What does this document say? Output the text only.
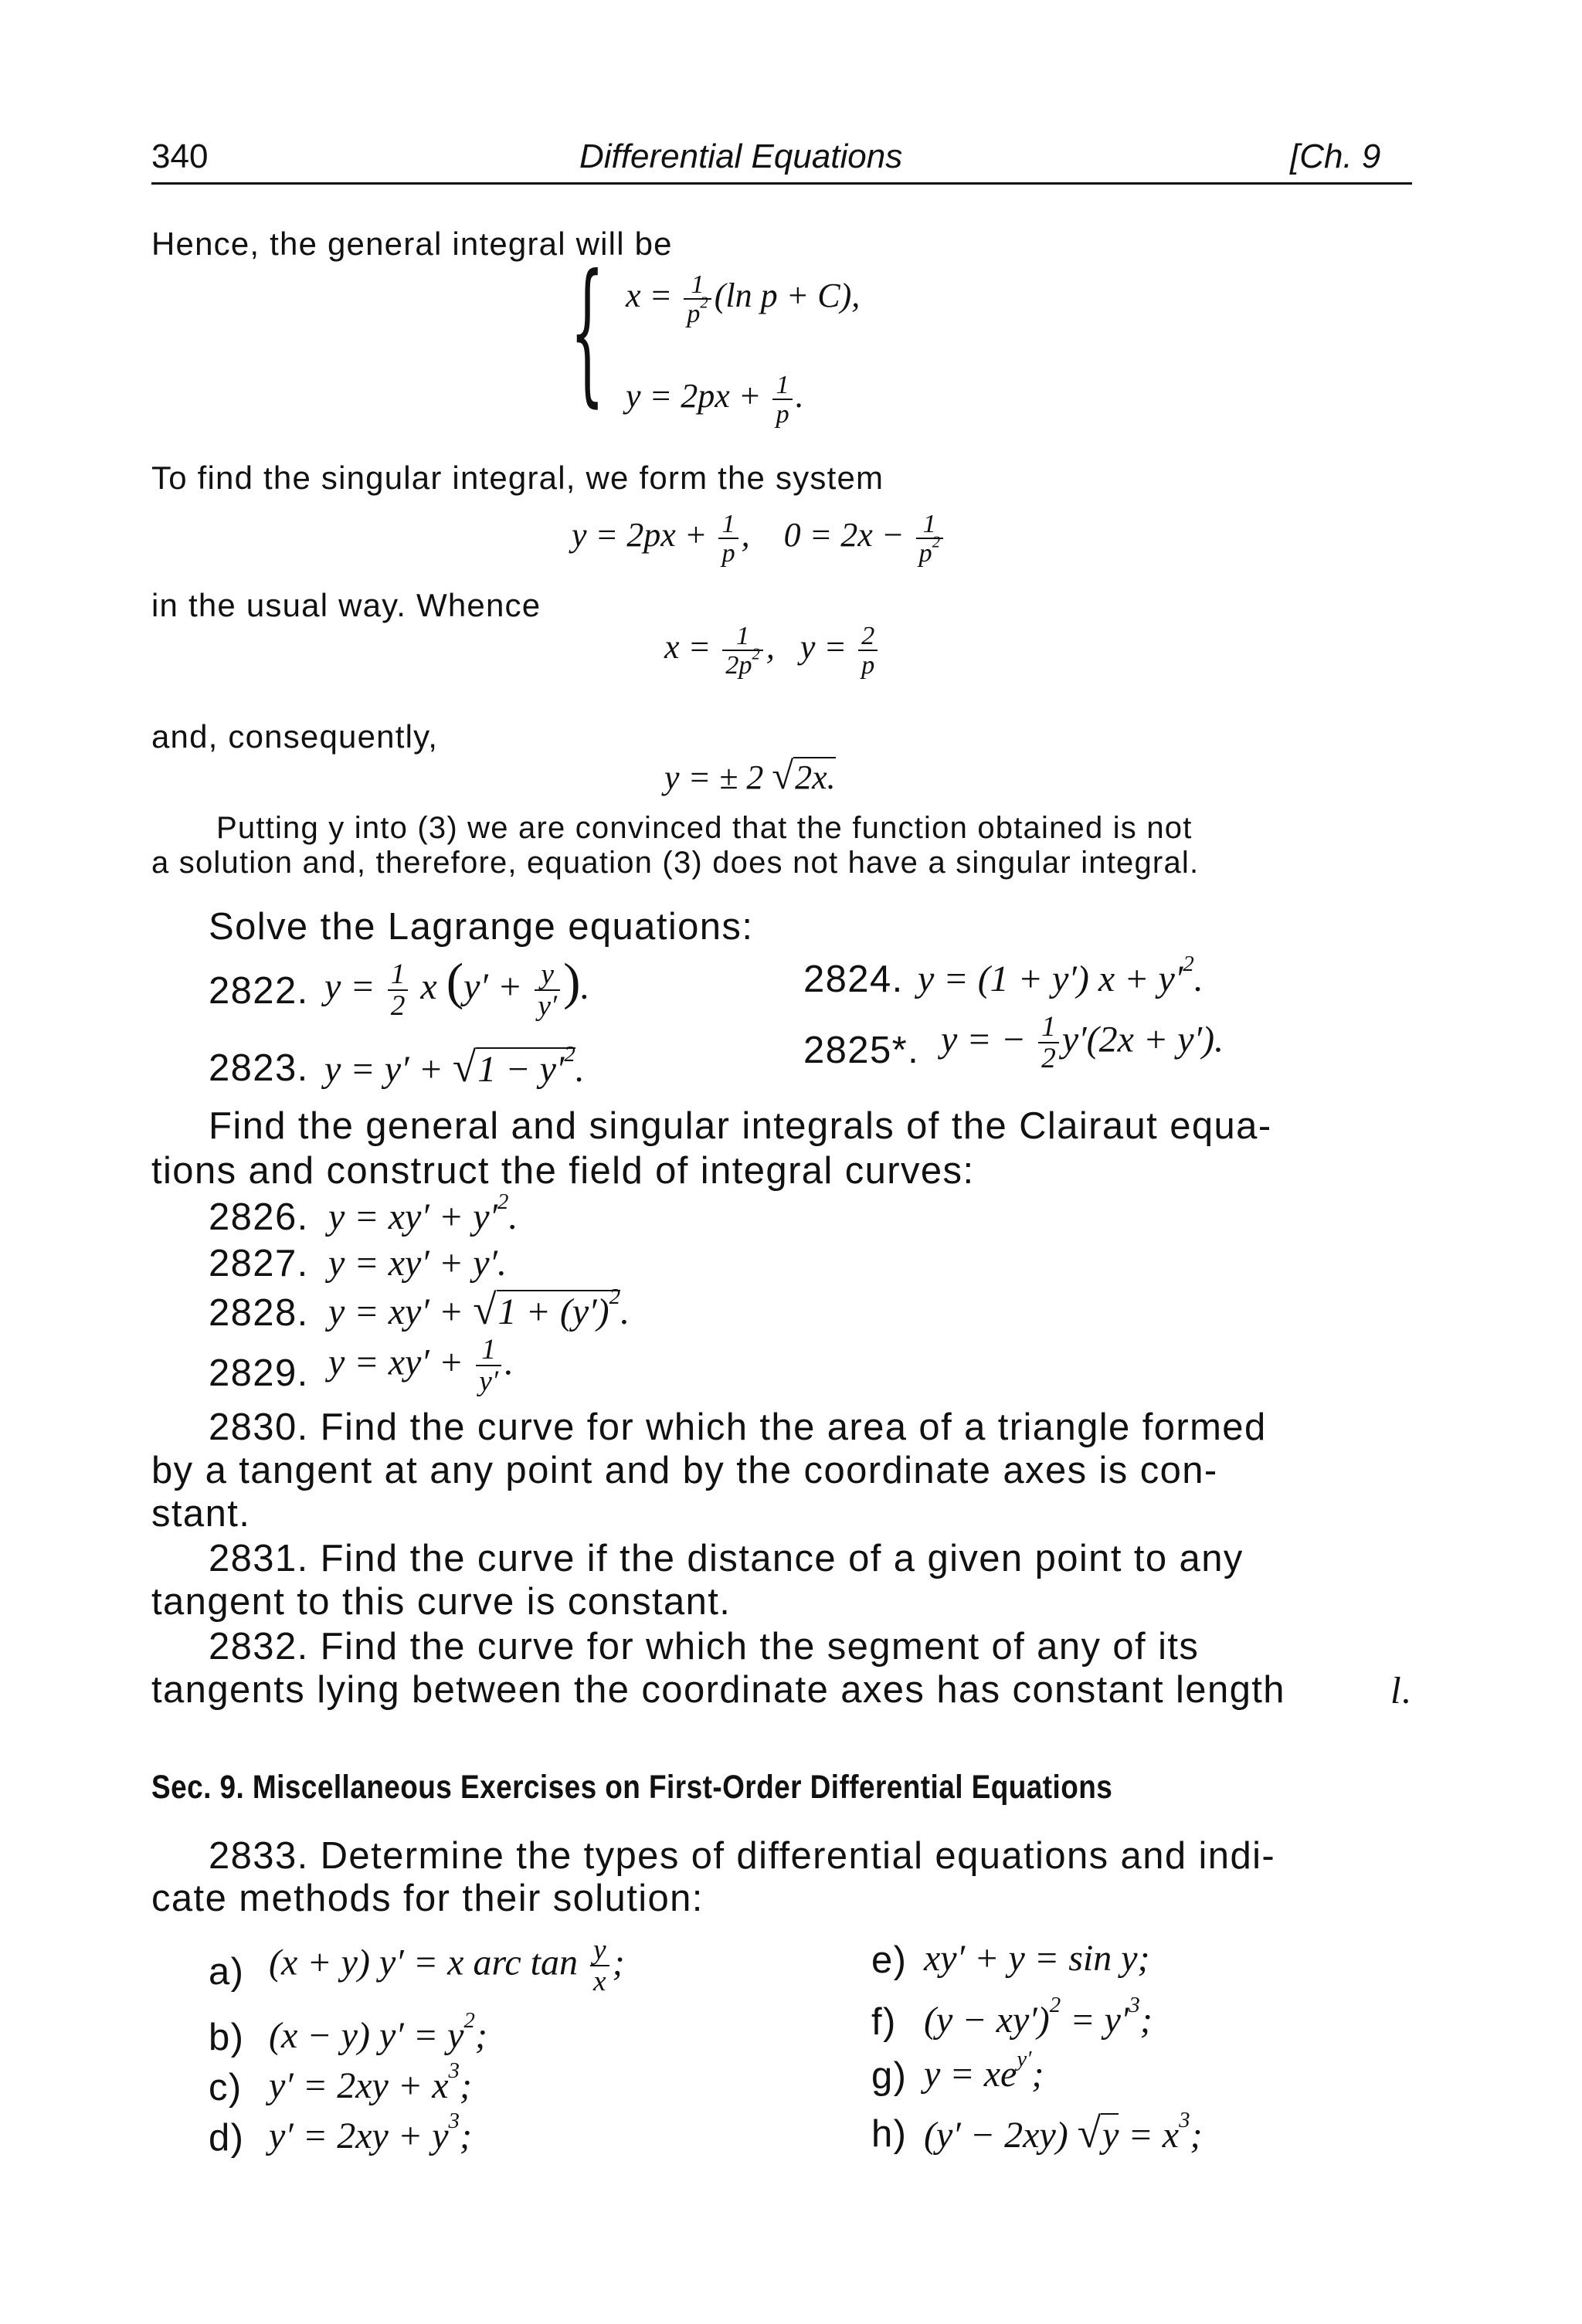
340	Differential Equations	[Ch. 9
Hence, the general integral will be
{ $x = \frac{1}{p^2} (\ln$ p + C),
$y = 2px + \frac{1}{p}$ .
To find the singular integral, we form the system
$y = 2px + \frac{1}{p}$ ,    $0 = 2x - \frac{1}{p^2}$
in the usual way. Whence
$x = \frac{1}{2p^2}$ ,   $y = \frac{2}{p}$
and, consequently,
y = ± 2 √2x.
Putting y into (3) we are convinced that the function obtained is not
a solution and, therefore, equation (3) does not have a singular integral.
Solve the Lagrange equations:
2822. $y = \frac{1}{2}$ x ($y' + \frac{y}{y'}$ ).	2824. y = (1 + y′) $x + y'^2$.
2823. $y = y' + √1 - y'^2$.	2825*. y = − $\frac{1}{2} y'(2x + y')$.
Find the general and singular integrals of the Clairaut equa-
tions and construct the field of integral curves:
2826. $y = xy' + y'^2$.
2827. y = xy′ + y′.
2828. $y = xy' + √1 + (y')^2$.
2829. $y = xy' + \frac{1}{y'}$ .
2830. Find the curve for which the area of a triangle formed
by a tangent at any point and by the coordinate axes is con-
stant.
2831. Find the curve if the distance of a given point to any
tangent to this curve is constant.
2832. Find the curve for which the segment of any of its
tangents lying between the coordinate axes has constant length	l.
Sec. 9. Miscellaneous Exercises on First-Order Differential Equations
2833. Determine the types of differential equations and indi-
cate methods for their solution:
a) (x + y) y′ = x arc $\tan \frac{y}{x}$ ;
b) (x − y) $y' = y^2$;
c) $y' = 2xy + x^3$;
d) $y' = 2xy + y^3$;
e) xy′ + y = sin y;
f) $(y - xy')^2 = y'^3$;
g) $y = xe^{y'}$;
h) (y′ − 2xy) $√y = x^3$;
